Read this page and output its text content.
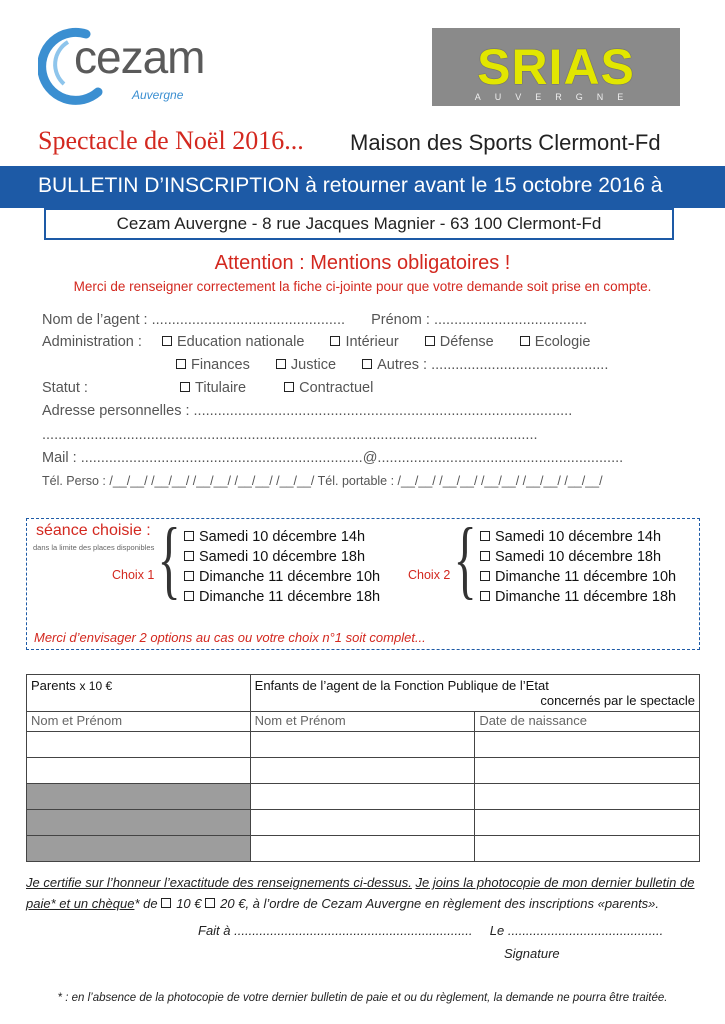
cezam
Auvergne	SRIAS
AUVERGNE
Spectacle de Noël 2016... Maison des Sports Clermont-Fd
BULLETIN D’INSCRIPTION à retourner avant le 15 octobre 2016 à
Cezam Auvergne - 8 rue Jacques Magnier - 63 100 Clermont-Fd
Attention : Mentions obligatoires !
Merci de renseigner correctement la fiche ci-jointe pour que votre demande soit prise en compte.
Nom de l’agent : ................................................ Prénom : ......................................
Administration : Education nationale	Intérieur	Défense	Ecologie
Finances	Justice	Autres : ............................................
Statut :	Titulaire	Contractuel
Adresse personnelles : ..............................................................................................
...........................................................................................................................
Mail : ......................................................................@.............................................................
Tél. Perso : /__/__/ /__/__/ /__/__/ /__/__/ /__/__/ Tél. portable : /__/__/ /__/__/ /__/__/ /__/__/ /__/__/
séance choisie :
dans la limite des places disponibles
Choix 1 {	Samedi 10 décembre 14h
Samedi 10 décembre 18h
Dimanche 11 décembre 10h
Dimanche 11 décembre 18h
Choix 2 {	Samedi 10 décembre 14h
Samedi 10 décembre 18h
Dimanche 11 décembre 10h
Dimanche 11 décembre 18h
Merci d’envisager 2 options au cas ou votre choix n°1 soit complet...
Parents x 10 €	Enfants de l’agent de la Fonction Publique de l’Etat
concernés par le spectacle	

Nom et Prénom	Nom et Prénom	Date de naissance

Je certifie sur l’honneur l’exactitude des renseignements ci-dessus. Je joins la photocopie de mon dernier bulletin de paie* et un chèque* de 10 € 20 €, à l’ordre de Cezam Auvergne en règlement des inscriptions «parents».
Fait à .................................................................. Le ...........................................
Signature
* : en l’absence de la photocopie de votre dernier bulletin de paie et ou du règlement, la demande ne pourra être traitée.
